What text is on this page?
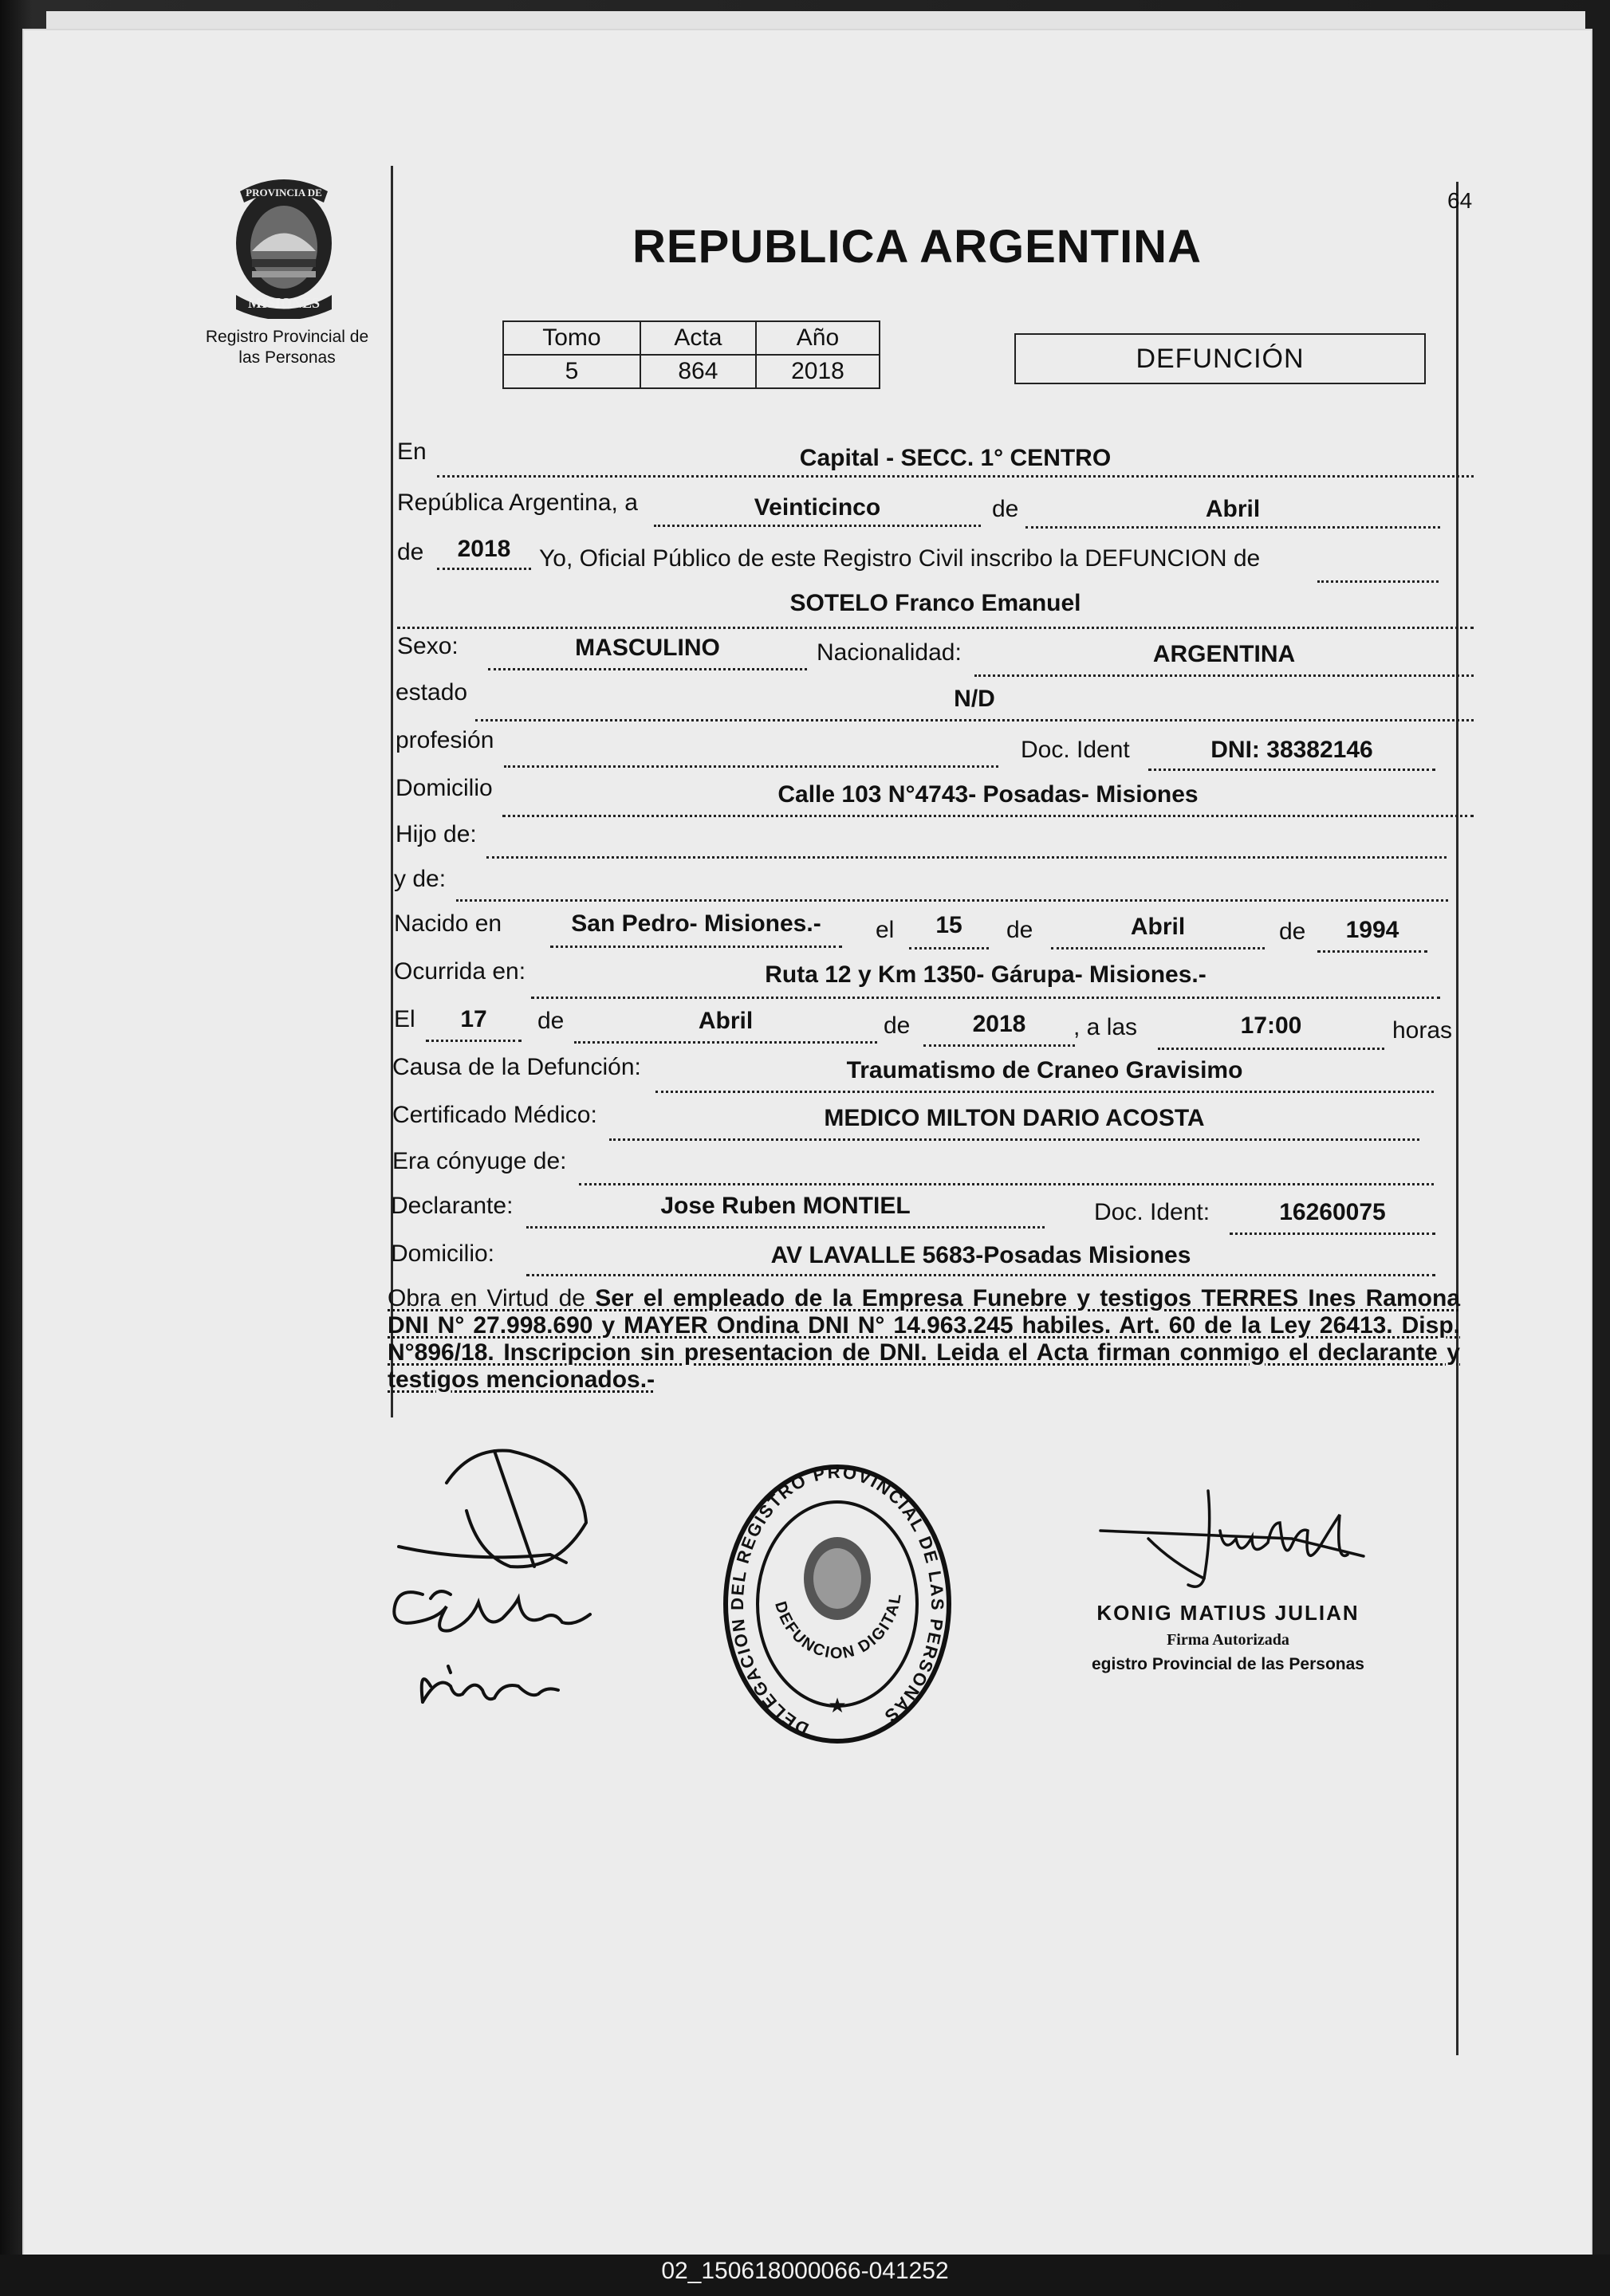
64
MISIONES
PROVINCIA DE
Registro Provincial de
las Personas
REPUBLICA ARGENTINA
Tomo	Acta	Año
5	864	2018	DEFUNCIÓN
En	Capital - SECC. 1° CENTRO
República Argentina, a	Veinticinco	de	Abril
de	2018	Yo, Oficial Público de este Registro Civil inscribo la DEFUNCION de
SOTELO Franco Emanuel
Sexo:	MASCULINO	Nacionalidad:	ARGENTINA
estado	N/D
profesión	Doc. Ident	DNI: 38382146
Domicilio	Calle 103 N°4743- Posadas- Misiones
Hijo de:
y de:
Nacido en	San Pedro- Misiones.-	el	15	de	Abril	de	1994
Ocurrida en:	Ruta 12 y Km 1350- Gárupa- Misiones.-
El	17	de	Abril	de	2018	, a las	17:00	horas
Causa de la Defunción:	Traumatismo de Craneo Gravisimo
Certificado Médico:	MEDICO MILTON DARIO ACOSTA
Era cónyuge de:
Declarante:	Jose Ruben MONTIEL	Doc. Ident:	16260075
Domicilio:	AV LAVALLE 5683-Posadas Misiones
Obra en Virtud de Ser el empleado de la Empresa Funebre y testigos TERRES Ines Ramona DNI N° 27.998.690 y MAYER Ondina DNI N° 14.963.245 habiles. Art. 60 de la Ley 26413. Disp. N°896/18. Inscripcion sin presentacion de DNI. Leida el Acta firman conmigo el declarante y testigos mencionados.-
DELEGACION DEL REGISTRO PROVINCIAL DE LAS PERSONAS
DEFUNCION DIGITAL
★
KONIG MATIUS JULIAN
Firma Autorizada
egistro Provincial de las Personas
02_150618000066-041252
